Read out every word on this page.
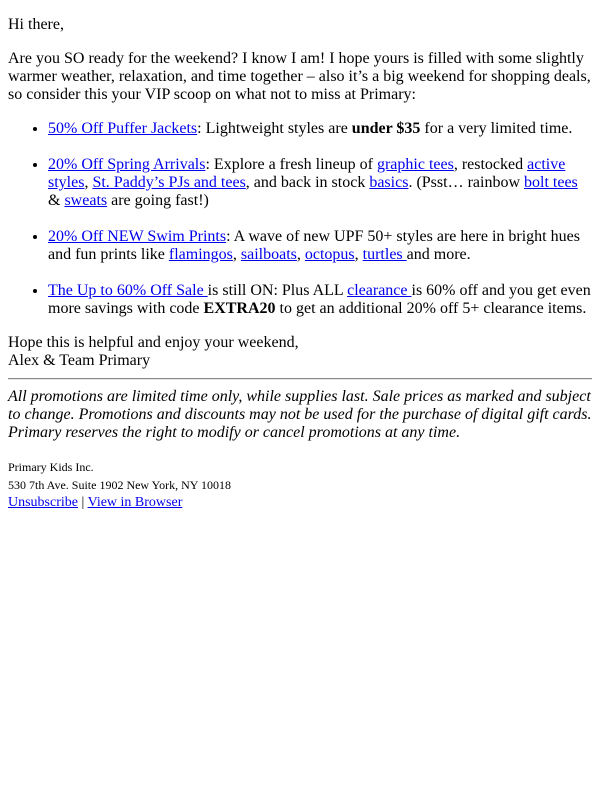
Hi there,

Are you SO ready for the weekend? I know I am! I hope yours is filled with some slightly warmer weather, relaxation, and time together – also it’s a big weekend for shopping deals, so consider this your VIP scoop on what not to miss at Primary:

• 50% Off Puffer Jackets: Lightweight styles are under $35 for a very limited time.
• 20% Off Spring Arrivals: Explore a fresh lineup of graphic tees, restocked active styles, St. Paddy’s PJs and tees, and back in stock basics. (Psst… rainbow bolt tees & sweats are going fast!)
• 20% Off NEW Swim Prints: A wave of new UPF 50+ styles are here in bright hues and fun prints like flamingos, sailboats, octopus, turtles and more.
• The Up to 60% Off Sale is still ON: Plus ALL clearance is 60% off and you get even more savings with code EXTRA20 to get an additional 20% off 5+ clearance items.

Hope this is helpful and enjoy your weekend,
Alex & Team Primary

All promotions are limited time only, while supplies last. Sale prices as marked and subject to change. Promotions and discounts may not be used for the purchase of digital gift cards. Primary reserves the right to modify or cancel promotions at any time.

Primary Kids Inc.
530 7th Ave. Suite 1902 New York, NY 10018
Unsubscribe | View in Browser
